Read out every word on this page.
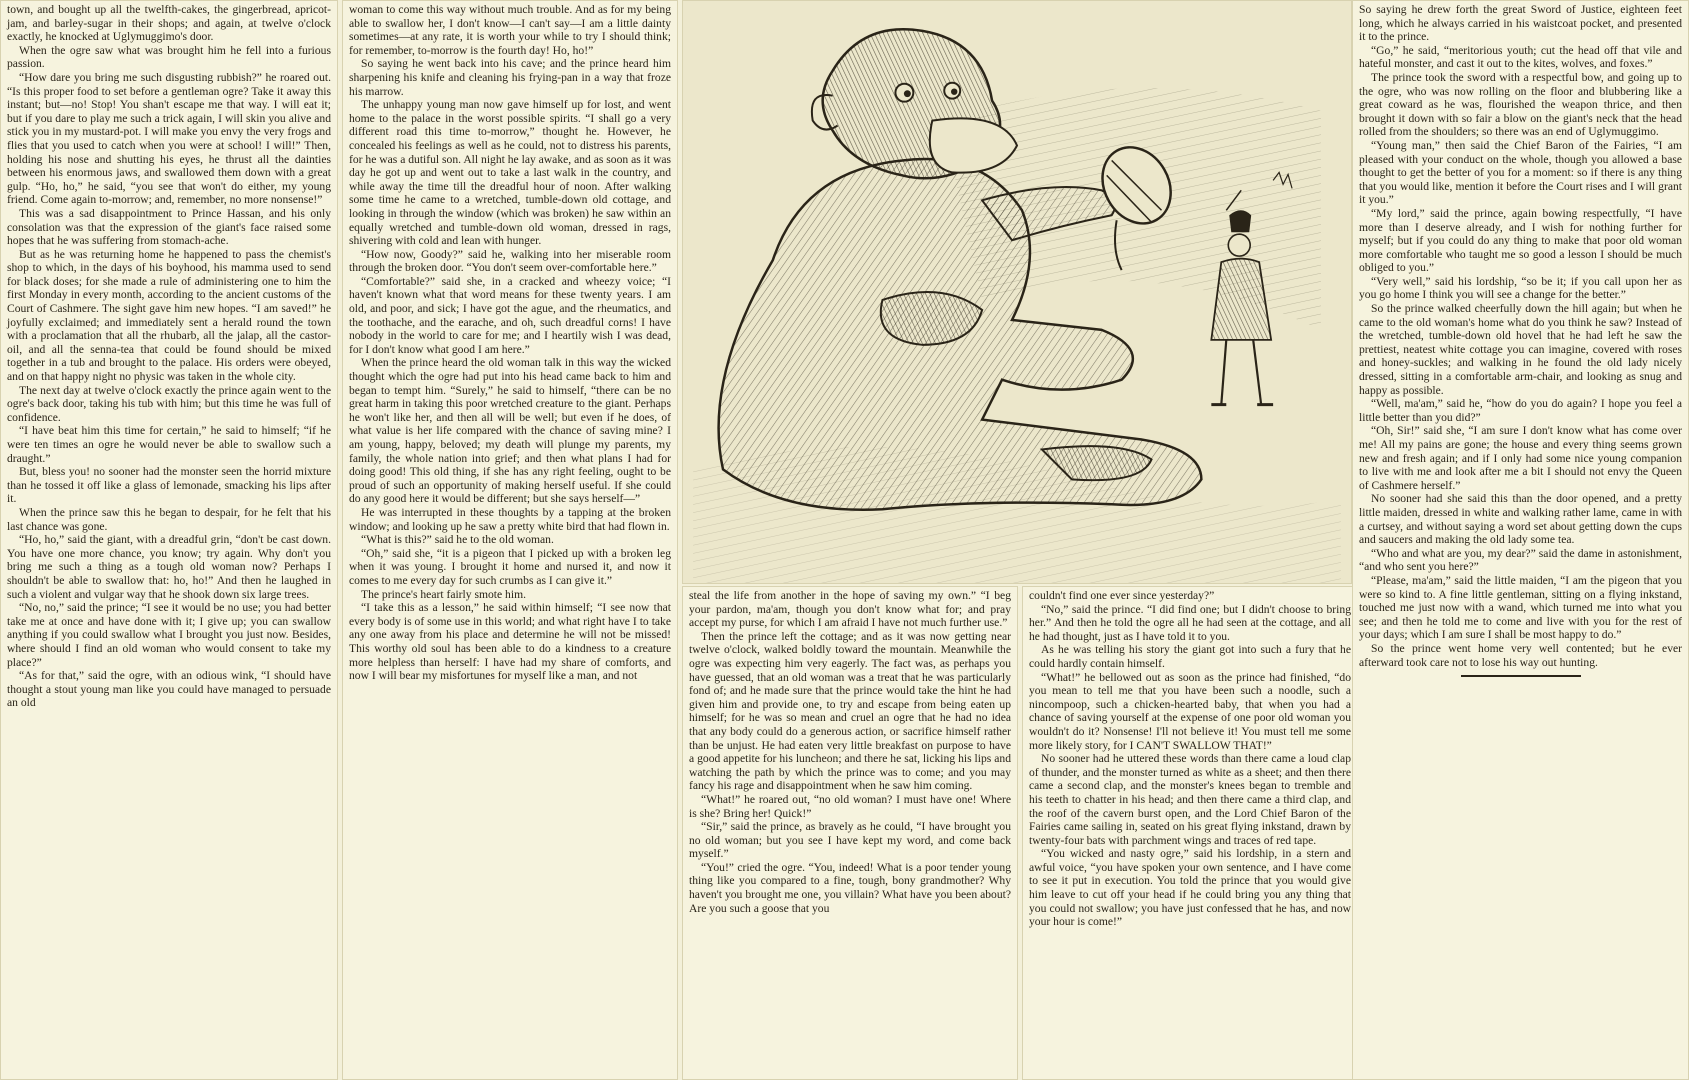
town, and bought up all the twelfth-cakes, the gingerbread, apricot-jam, and barley-sugar in their shops; and again, at twelve o'clock exactly, he knocked at Uglymuggimo's door.

When the ogre saw what was brought him he fell into a furious passion.

“How dare you bring me such disgusting rubbish?” he roared out. “Is this proper food to set before a gentleman ogre? Take it away this instant; but—no! Stop! You shan't escape me that way. I will eat it; but if you dare to play me such a trick again, I will skin you alive and stick you in my mustard-pot. I will make you envy the very frogs and flies that you used to catch when you were at school! I will!” Then, holding his nose and shutting his eyes, he thrust all the dainties between his enormous jaws, and swallowed them down with a great gulp. “Ho, ho,” he said, “you see that won't do either, my young friend. Come again to-morrow; and, remember, no more nonsense!”

This was a sad disappointment to Prince Hassan, and his only consolation was that the expression of the giant's face raised some hopes that he was suffering from stomach-ache.

But as he was returning home he happened to pass the chemist's shop to which, in the days of his boyhood, his mamma used to send for black doses; for she made a rule of administering one to him the first Monday in every month, according to the ancient customs of the Court of Cashmere. The sight gave him new hopes. “I am saved!” he joyfully exclaimed; and immediately sent a herald round the town with a proclamation that all the rhubarb, all the jalap, all the castor-oil, and all the senna-tea that could be found should be mixed together in a tub and brought to the palace. His orders were obeyed, and on that happy night no physic was taken in the whole city.

The next day at twelve o'clock exactly the prince again went to the ogre's back door, taking his tub with him; but this time he was full of confidence.

“I have beat him this time for certain,” he said to himself; “if he were ten times an ogre he would never be able to swallow such a draught.”

But, bless you! no sooner had the monster seen the horrid mixture than he tossed it off like a glass of lemonade, smacking his lips after it.

When the prince saw this he began to despair, for he felt that his last chance was gone.

“Ho, ho,” said the giant, with a dreadful grin, “don't be cast down. You have one more chance, you know; try again. Why don't you bring me such a thing as a tough old woman now? Perhaps I shouldn't be able to swallow that: ho, ho!” And then he laughed in such a violent and vulgar way that he shook down six large trees.

“No, no,” said the prince; “I see it would be no use; you had better take me at once and have done with it; I give up; you can swallow anything if you could swallow what I brought you just now. Besides, where should I find an old woman who would consent to take my place?”

“As for that,” said the ogre, with an odious wink, “I should have thought a stout young man like you could have managed to persuade an old

woman to come this way without much trouble. And as for my being able to swallow her, I don't know—I can't say—I am a little dainty sometimes—at any rate, it is worth your while to try I should think; for remember, to-morrow is the fourth day! Ho, ho!”

So saying he went back into his cave; and the prince heard him sharpening his knife and cleaning his frying-pan in a way that froze his marrow.

The unhappy young man now gave himself up for lost, and went home to the palace in the worst possible spirits. “I shall go a very different road this time to-morrow,” thought he. However, he concealed his feelings as well as he could, not to distress his parents, for he was a dutiful son. All night he lay awake, and as soon as it was day he got up and went out to take a last walk in the country, and while away the time till the dreadful hour of noon. After walking some time he came to a wretched, tumble-down old cottage, and looking in through the window (which was broken) he saw within an equally wretched and tumble-down old woman, dressed in rags, shivering with cold and lean with hunger.

“How now, Goody?” said he, walking into her miserable room through the broken door. “You don't seem over-comfortable here.”

“Comfortable?” said she, in a cracked and wheezy voice; “I haven't known what that word means for these twenty years. I am old, and poor, and sick; I have got the ague, and the rheumatics, and the toothache, and the earache, and oh, such dreadful corns! I have nobody in the world to care for me; and I heartily wish I was dead, for I don't know what good I am here.”

When the prince heard the old woman talk in this way the wicked thought which the ogre had put into his head came back to him and began to tempt him. “Surely,” he said to himself, “there can be no great harm in taking this poor wretched creature to the giant. Perhaps he won't like her, and then all will be well; but even if he does, of what value is her life compared with the chance of saving mine? I am young, happy, beloved; my death will plunge my parents, my family, the whole nation into grief; and then what plans I had for doing good! This old thing, if she has any right feeling, ought to be proud of such an opportunity of making herself useful. If she could do any good here it would be different; but she says herself—”

He was interrupted in these thoughts by a tapping at the broken window; and looking up he saw a pretty white bird that had flown in.

“What is this?” said he to the old woman.

“Oh,” said she, “it is a pigeon that I picked up with a broken leg when it was young. I brought it home and nursed it, and now it comes to me every day for such crumbs as I can give it.”

The prince's heart fairly smote him.

“I take this as a lesson,” he said within himself; “I see now that every body is of some use in this world; and what right have I to take any one away from his place and determine he will not be missed! This worthy old soul has been able to do a kindness to a creature more helpless than herself: I have had my share of comforts, and now I will bear my misfortunes for myself like a man, and not

steal the life from another in the hope of saving my own.” “I beg your pardon, ma'am, though you don't know what for; and pray accept my purse, for which I am afraid I have not much further use.”

Then the prince left the cottage; and as it was now getting near twelve o'clock, walked boldly toward the mountain. Meanwhile the ogre was expecting him very eagerly. The fact was, as perhaps you have guessed, that an old woman was a treat that he was particularly fond of; and he made sure that the prince would take the hint he had given him and provide one, to try and escape from being eaten up himself; for he was so mean and cruel an ogre that he had no idea that any body could do a generous action, or sacrifice himself rather than be unjust. He had eaten very little breakfast on purpose to have a good appetite for his luncheon; and there he sat, licking his lips and watching the path by which the prince was to come; and you may fancy his rage and disappointment when he saw him coming.

“What!” he roared out, “no old woman? I must have one! Where is she? Bring her! Quick!”

“Sir,” said the prince, as bravely as he could, “I have brought you no old woman; but you see I have kept my word, and come back myself.”

“You!” cried the ogre. “You, indeed! What is a poor tender young thing like you compared to a fine, tough, bony grandmother? Why haven't you brought me one, you villain? What have you been about? Are you such a goose that you

couldn't find one ever since yesterday?”

“No,” said the prince. “I did find one; but I didn't choose to bring her.” And then he told the ogre all he had seen at the cottage, and all he had thought, just as I have told it to you.

As he was telling his story the giant got into such a fury that he could hardly contain himself.

“What!” he bellowed out as soon as the prince had finished, “do you mean to tell me that you have been such a noodle, such a nincompoop, such a chicken-hearted baby, that when you had a chance of saving yourself at the expense of one poor old woman you wouldn't do it? Nonsense! I'll not believe it! You must tell me some more likely story, for I CAN'T SWALLOW THAT!”

No sooner had he uttered these words than there came a loud clap of thunder, and the monster turned as white as a sheet; and then there came a second clap, and the monster's knees began to tremble and his teeth to chatter in his head; and then there came a third clap, and the roof of the cavern burst open, and the Lord Chief Baron of the Fairies came sailing in, seated on his great flying inkstand, drawn by twenty-four bats with parchment wings and traces of red tape.

“You wicked and nasty ogre,” said his lordship, in a stern and awful voice, “you have spoken your own sentence, and I have come to see it put in execution. You told the prince that you would give him leave to cut off your head if he could bring you any thing that you could not swallow; you have just confessed that he has, and now your hour is come!”

So saying he drew forth the great Sword of Justice, eighteen feet long, which he always carried in his waistcoat pocket, and presented it to the prince.

“Go,” he said, “meritorious youth; cut the head off that vile and hateful monster, and cast it out to the kites, wolves, and foxes.”

The prince took the sword with a respectful bow, and going up to the ogre, who was now rolling on the floor and blubbering like a great coward as he was, flourished the weapon thrice, and then brought it down with so fair a blow on the giant's neck that the head rolled from the shoulders; so there was an end of Uglymuggimo.

“Young man,” then said the Chief Baron of the Fairies, “I am pleased with your conduct on the whole, though you allowed a base thought to get the better of you for a moment: so if there is any thing that you would like, mention it before the Court rises and I will grant it you.”

“My lord,” said the prince, again bowing respectfully, “I have more than I deserve already, and I wish for nothing further for myself; but if you could do any thing to make that poor old woman more comfortable who taught me so good a lesson I should be much obliged to you.”

“Very well,” said his lordship, “so be it; if you call upon her as you go home I think you will see a change for the better.”

So the prince walked cheerfully down the hill again; but when he came to the old woman's home what do you think he saw? Instead of the wretched, tumble-down old hovel that he had left he saw the prettiest, neatest white cottage you can imagine, covered with roses and honey-suckles; and walking in he found the old lady nicely dressed, sitting in a comfortable arm-chair, and looking as snug and happy as possible.

“Well, ma'am,” said he, “how do you do again? I hope you feel a little better than you did?”

“Oh, Sir!” said she, “I am sure I don't know what has come over me! All my pains are gone; the house and every thing seems grown new and fresh again; and if I only had some nice young companion to live with me and look after me a bit I should not envy the Queen of Cashmere herself.”

No sooner had she said this than the door opened, and a pretty little maiden, dressed in white and walking rather lame, came in with a curtsey, and without saying a word set about getting down the cups and saucers and making the old lady some tea.

“Who and what are you, my dear?” said the dame in astonishment, “and who sent you here?”

“Please, ma'am,” said the little maiden, “I am the pigeon that you were so kind to. A fine little gentleman, sitting on a flying inkstand, touched me just now with a wand, which turned me into what you see; and then he told me to come and live with you for the rest of your days; which I am sure I shall be most happy to do.”

So the prince went home very well contented; but he ever afterward took care not to lose his way out hunting.
